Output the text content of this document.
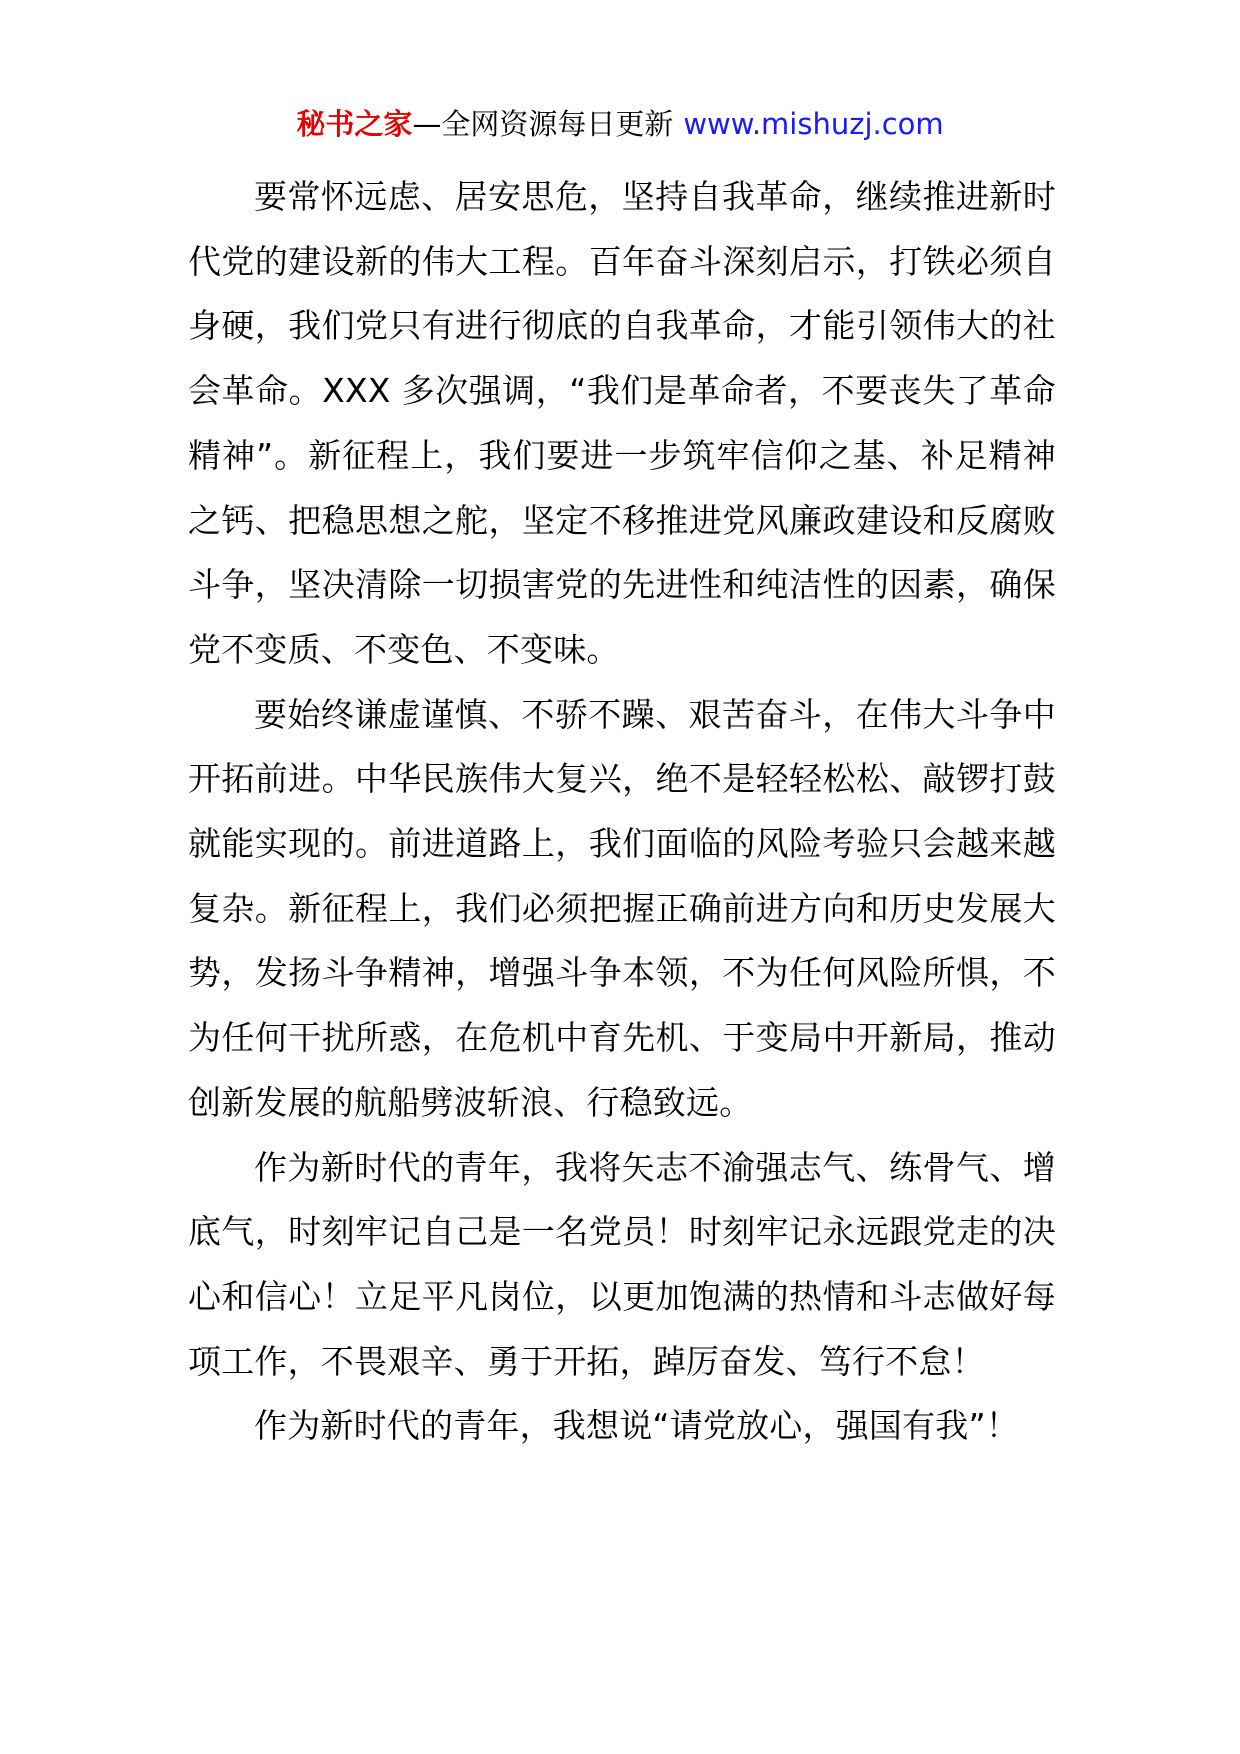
秘书之家—全网资源每日更新 www.mishuzj.com

要常怀远虑、居安思危，坚持自我革命，继续推进新时代党的建设新的伟大工程。百年奋斗深刻启示，打铁必须自身硬，我们党只有进行彻底的自我革命，才能引领伟大的社会革命。XXX 多次强调，“我们是革命者，不要丧失了革命精神”。新征程上，我们要进一步筑牢信仰之基、补足精神之钙、把稳思想之舵，坚定不移推进党风廉政建设和反腐败斗争，坚决清除一切损害党的先进性和纯洁性的因素，确保党不变质、不变色、不变味。

要始终谦虚谨慎、不骄不躁、艰苦奋斗，在伟大斗争中开拓前进。中华民族伟大复兴，绝不是轻轻松松、敲锣打鼓就能实现的。前进道路上，我们面临的风险考验只会越来越复杂。新征程上，我们必须把握正确前进方向和历史发展大势，发扬斗争精神，增强斗争本领，不为任何风险所惧，不为任何干扰所惑，在危机中育先机、于变局中开新局，推动创新发展的航船劈波斩浪、行稳致远。

作为新时代的青年，我将矢志不渝强志气、练骨气、增底气，时刻牢记自己是一名党员！时刻牢记永远跟党走的决心和信心！立足平凡岗位，以更加饱满的热情和斗志做好每项工作，不畏艰辛、勇于开拓，踔厉奋发、笃行不怠！

作为新时代的青年，我想说“请党放心，强国有我”！
